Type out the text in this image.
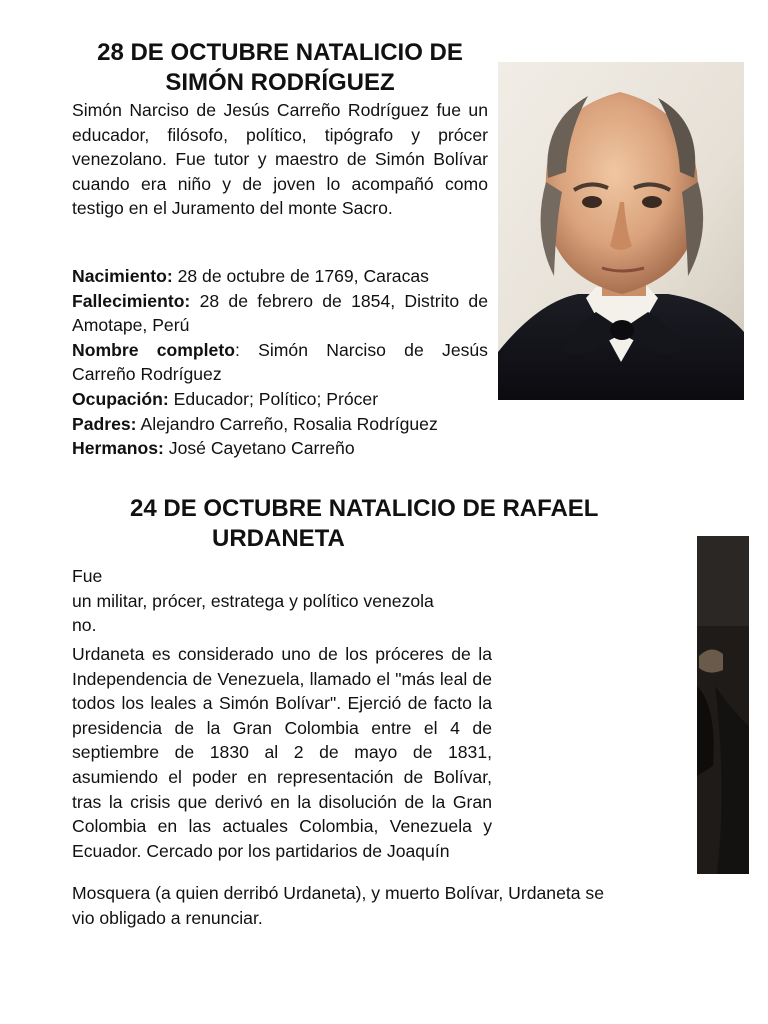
28 DE OCTUBRE NATALICIO DE
SIMÓN RODRÍGUEZ

Simón Narciso de Jesús Carreño Rodríguez fue un educador, filósofo, político, tipógrafo y prócer venezolano. Fue tutor y maestro de Simón Bolívar cuando era niño y de joven lo acompañó como testigo en el Juramento del monte Sacro.

Nacimiento: 28 de octubre de 1769, Caracas
Fallecimiento: 28 de febrero de 1854, Distrito de Amotape, Perú
Nombre completo: Simón Narciso de Jesús Carreño Rodríguez
Ocupación: Educador; Político; Prócer
Padres: Alejandro Carreño, Rosalia Rodríguez
Hermanos: José Cayetano Carreño
24 DE OCTUBRE NATALICIO DE RAFAEL
URDANETA

Fue
un militar, prócer, estratega y político venezola
no.

Urdaneta es considerado uno de los próceres de la Independencia de Venezuela, llamado el "más leal de todos los leales a Simón Bolívar". Ejerció de facto la presidencia de la Gran Colombia entre el 4 de septiembre de 1830 al 2 de mayo de 1831, asumiendo el poder en representación de Bolívar, tras la crisis que derivó en la disolución de la Gran Colombia en las actuales Colombia, Venezuela y Ecuador. Cercado por los partidarios de Joaquín

Mosquera (a quien derribó Urdaneta), y muerto Bolívar, Urdaneta se
vio obligado a renunciar.
